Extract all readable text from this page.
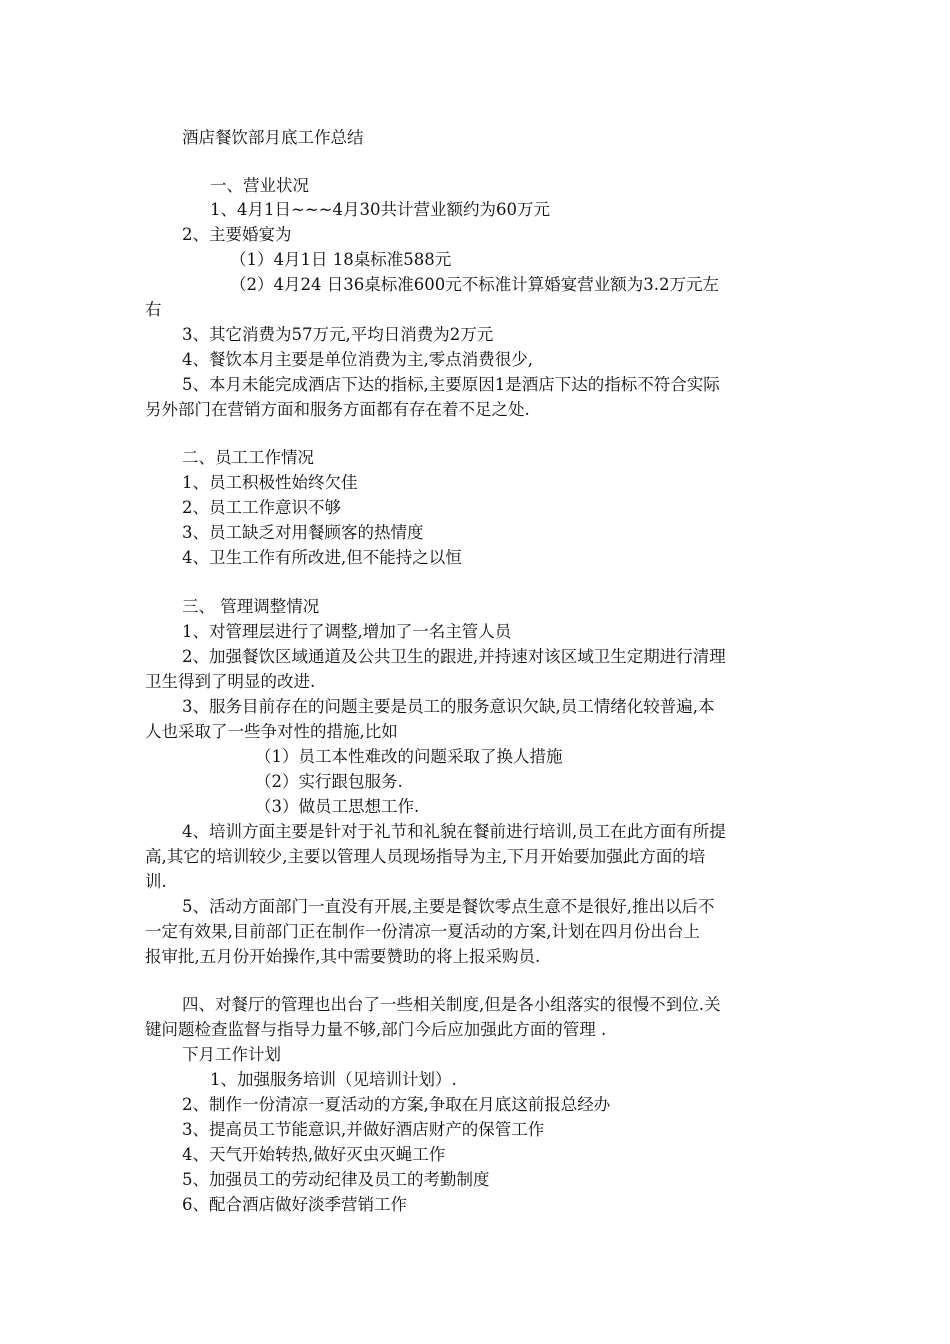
酒店餐饮部月底工作总结
一、营业状况
1、4月1日~~~4月30共计营业额约为60万元
2、主要婚宴为
（1）4月1日 18桌标准588元
（2）4月24 日36桌标准600元不标准计算婚宴营业额为3.2万元左
右
3、其它消费为57万元,平均日消费为2万元
4、餐饮本月主要是单位消费为主,零点消费很少,
5、本月未能完成酒店下达的指标,主要原因1是酒店下达的指标不符合实际
另外部门在营销方面和服务方面都有存在着不足之处.
二、员工工作情况
1、员工积极性始终欠佳
2、员工工作意识不够
3、员工缺乏对用餐顾客的热情度
4、卫生工作有所改进,但不能持之以恒
三、 管理调整情况
1、对管理层进行了调整,增加了一名主管人员
2、加强餐饮区域通道及公共卫生的跟进,并持速对该区域卫生定期进行清理
卫生得到了明显的改进.
3、服务目前存在的问题主要是员工的服务意识欠缺,员工情绪化较普遍,本
人也采取了一些争对性的措施,比如
（1）员工本性难改的问题采取了换人措施
（2）实行跟包服务.
（3）做员工思想工作.
4、培训方面主要是针对于礼节和礼貌在餐前进行培训,员工在此方面有所提
高,其它的培训较少,主要以管理人员现场指导为主,下月开始要加强此方面的培
训.
5、活动方面部门一直没有开展,主要是餐饮零点生意不是很好,推出以后不
一定有效果,目前部门正在制作一份清凉一夏活动的方案,计划在四月份出台上
报审批,五月份开始操作,其中需要赞助的将上报采购员.
四、对餐厅的管理也出台了一些相关制度,但是各小组落实的很慢不到位.关
键问题检查监督与指导力量不够,部门今后应加强此方面的管理 .
下月工作计划
1、加强服务培训（见培训计划）.
2、制作一份清凉一夏活动的方案,争取在月底这前报总经办
3、提高员工节能意识,并做好酒店财产的保管工作
4、天气开始转热,做好灭虫灭蝇工作
5、加强员工的劳动纪律及员工的考勤制度
6、配合酒店做好淡季营销工作
